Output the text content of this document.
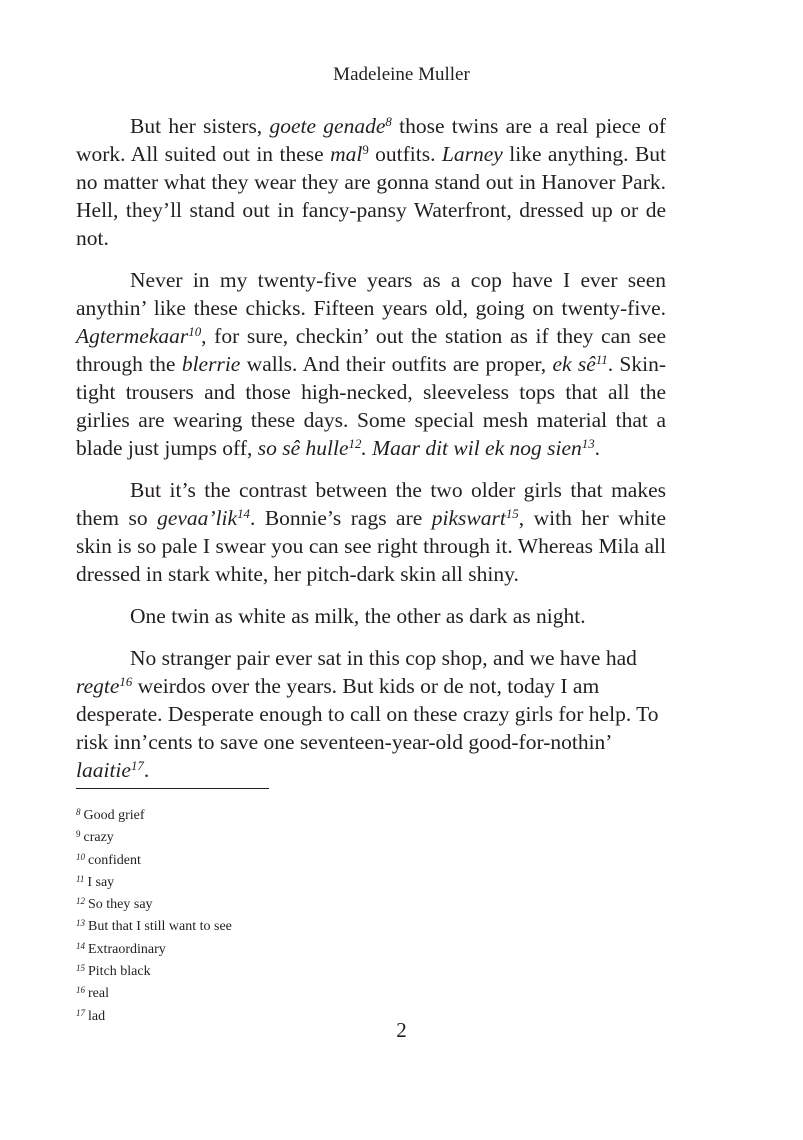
Madeleine Muller

But her sisters, goete genade$^8$ those twins are a real piece of work. All suited out in these mal$^9$ outfits. Larney like anything. But no matter what they wear they are gonna stand out in Hanover Park. Hell, they’ll stand out in fancy-pansy Waterfront, dressed up or de not.

Never in my twenty-five years as a cop have I ever seen anythin’ like these chicks. Fifteen years old, going on twenty-five. Agtermekaar$^{10}$, for sure, checkin’ out the station as if they can see through the blerrie walls. And their outfits are proper, ek $sê^{11}$. Skin-tight trousers and those high-necked, sleeveless tops that all the girlies are wearing these days. Some special mesh material that a blade just jumps off, so sê hulle$^{12}$. Maar dit wil ek nog sien$^{13}$.

But it’s the contrast between the two older girls that makes them so gevaa’lik$^{14}$. Bonnie’s rags are pikswart$^{15}$, with her white skin is so pale I swear you can see right through it. Whereas Mila all dressed in stark white, her pitch-dark skin all shiny.

One twin as white as milk, the other as dark as night.

No stranger pair ever sat in this cop shop, and we have had regte$^{16}$ weirdos over the years. But kids or de not, today I am desperate. Desperate enough to call on these crazy girls for help. To risk inn’cents to save one seventeen-year-old good-for-nothin’ laaitie$^{17}$.

$^8$ Good grief
$^9$ crazy
$^{10}$ confident
$^{11}$ I say
$^{12}$ So they say
$^{13}$ But that I still want to see
$^{14}$ Extraordinary
$^{15}$ Pitch black
$^{16}$ real
$^{17}$ lad
2
